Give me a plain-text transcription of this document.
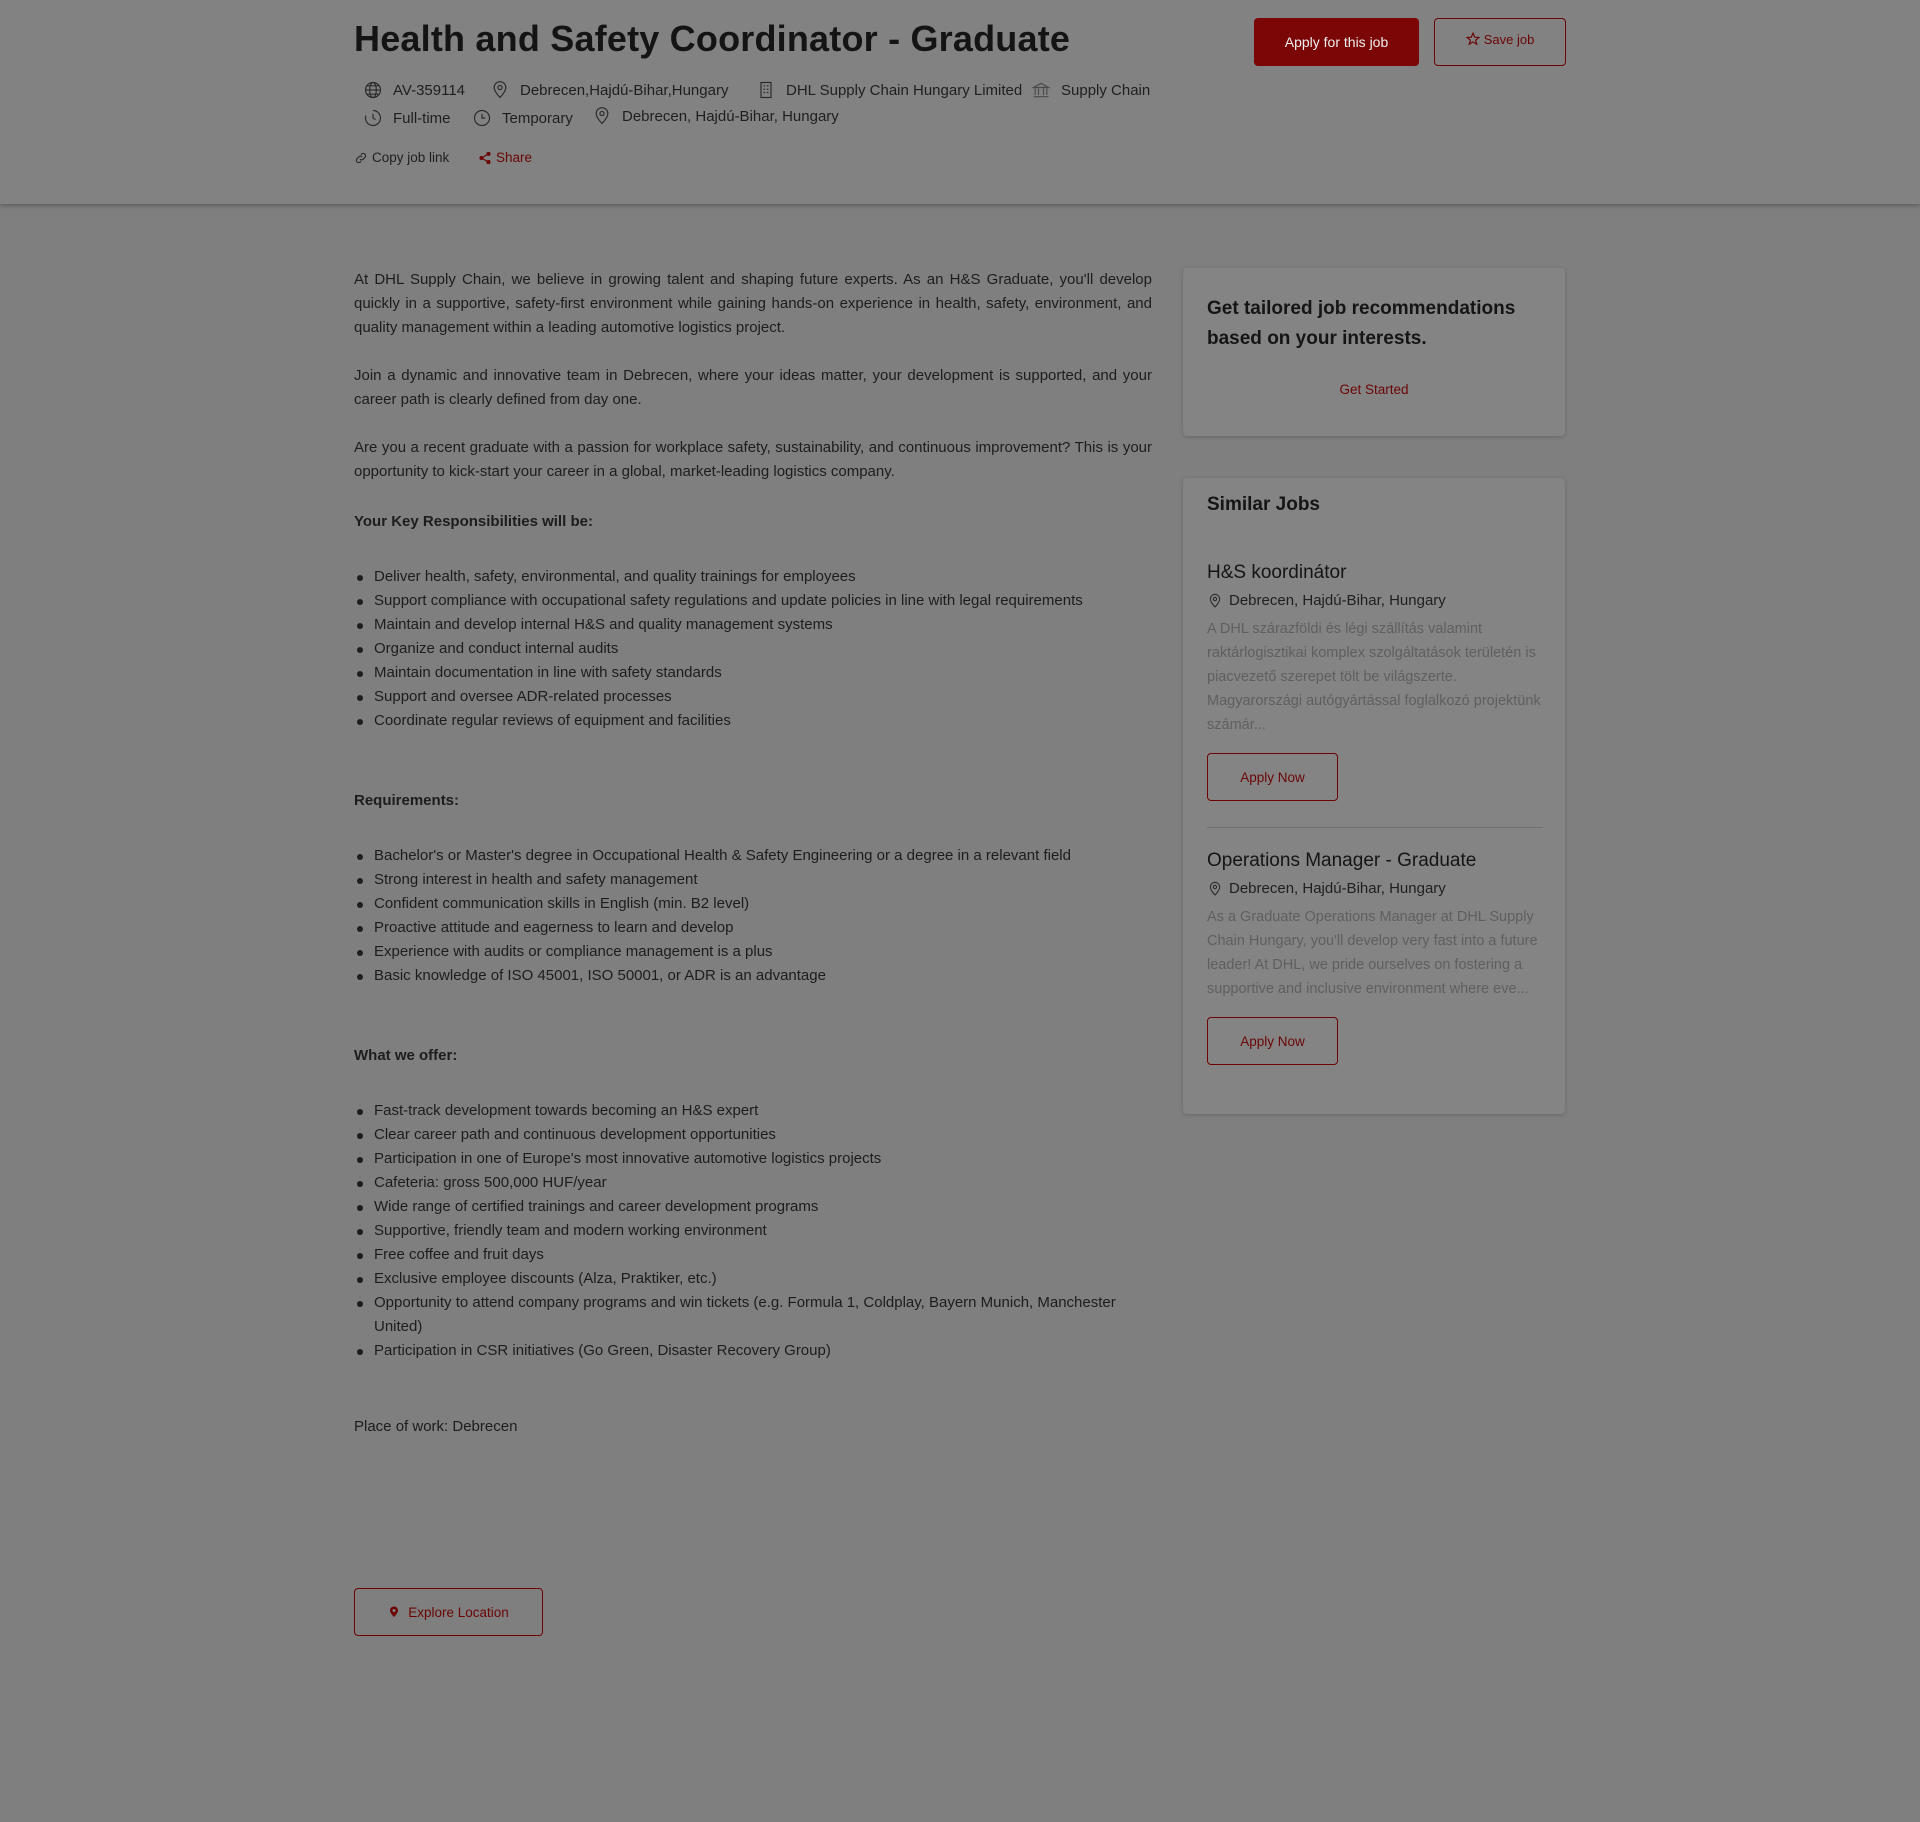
Health and Safety Coordinator - Graduate	Apply for this job	Save job
AV-359114	Debrecen,Hajdú-Bihar,Hungary	DHL Supply Chain Hungary Limited	Supply Chain
Full-time	Temporary	Debrecen, Hajdú-Bihar, Hungary
Copy job link	Share

At DHL Supply Chain, we believe in growing talent and shaping future experts. As an H&S Graduate, you'll develop quickly in a supportive, safety-first environment while gaining hands-on experience in health, safety, environment, and quality management within a leading automotive logistics project.

Join a dynamic and innovative team in Debrecen, where your ideas matter, your development is supported, and your career path is clearly defined from day one.

Are you a recent graduate with a passion for workplace safety, sustainability, and continuous improvement? This is your opportunity to kick-start your career in a global, market-leading logistics company.

Your Key Responsibilities will be:
Deliver health, safety, environmental, and quality trainings for employees
Support compliance with occupational safety regulations and update policies in line with legal requirements
Maintain and develop internal H&S and quality management systems
Organize and conduct internal audits
Maintain documentation in line with safety standards
Support and oversee ADR-related processes
Coordinate regular reviews of equipment and facilities
Requirements:
Bachelor's or Master's degree in Occupational Health & Safety Engineering or a degree in a relevant field
Strong interest in health and safety management
Confident communication skills in English (min. B2 level)
Proactive attitude and eagerness to learn and develop
Experience with audits or compliance management is a plus
Basic knowledge of ISO 45001, ISO 50001, or ADR is an advantage
What we offer:
Fast-track development towards becoming an H&S expert
Clear career path and continuous development opportunities
Participation in one of Europe's most innovative automotive logistics projects
Cafeteria: gross 500,000 HUF/year
Wide range of certified trainings and career development programs
Supportive, friendly team and modern working environment
Free coffee and fruit days
Exclusive employee discounts (Alza, Praktiker, etc.)
Opportunity to attend company programs and win tickets (e.g. Formula 1, Coldplay, Bayern Munich, Manchester United)
Participation in CSR initiatives (Go Green, Disaster Recovery Group)

Place of work: Debrecen

Explore Location
Get tailored job recommendations based on your interests.
Get Started
Similar Jobs
H&S koordinátor
Debrecen, Hajdú-Bihar, Hungary
A DHL szárazföldi és légi szállítás valamint raktárlogisztikai komplex szolgáltatások területén is piacvezető szerepet tölt be világszerte. Magyarországi autógyártással foglalkozó projektünk számár...
Apply Now
Operations Manager - Graduate
Debrecen, Hajdú-Bihar, Hungary
As a Graduate Operations Manager at DHL Supply Chain Hungary, you'll develop very fast into a future leader! At DHL, we pride ourselves on fostering a supportive and inclusive environment where eve...
Apply Now
